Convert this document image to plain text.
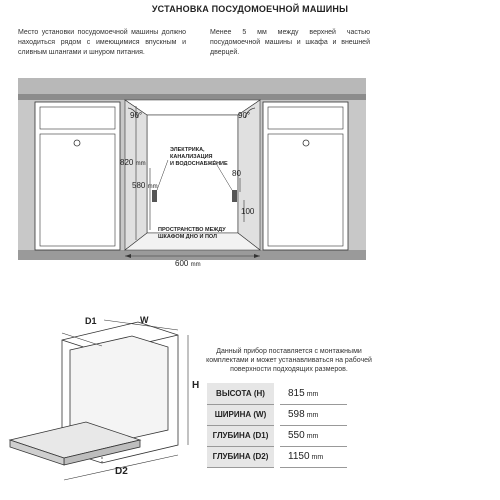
УСТАНОВКА ПОСУДОМОЕЧНОЙ МАШИНЫ
Место установки посудомоечной машины должно находиться рядом с имеющимися впускным и сливным шлангами и шнуром питания.
Менее 5 мм между верхней частью посудомоечной машины и шкафа и внешней дверцей.
90°	90°
820 mm
580 mm
ЭЛЕКТРИКА,
КАНАЛИЗАЦИЯ
И ВОДОСНАБЖЕНИЕ
80
100
ПРОСТРАНСТВО МЕЖДУ
ШКАФОМ ДНО И ПОЛ
600 mm
D1	W
H
D2
Данный прибор поставляется с монтажными комплектами и может устанавливаться на рабочей поверхности подходящих размеров.
ВЫСОТА (H)	815 mm
ШИРИНА (W)	598 mm
ГЛУБИНА (D1)	550 mm
ГЛУБИНА (D2)	1150 mm
